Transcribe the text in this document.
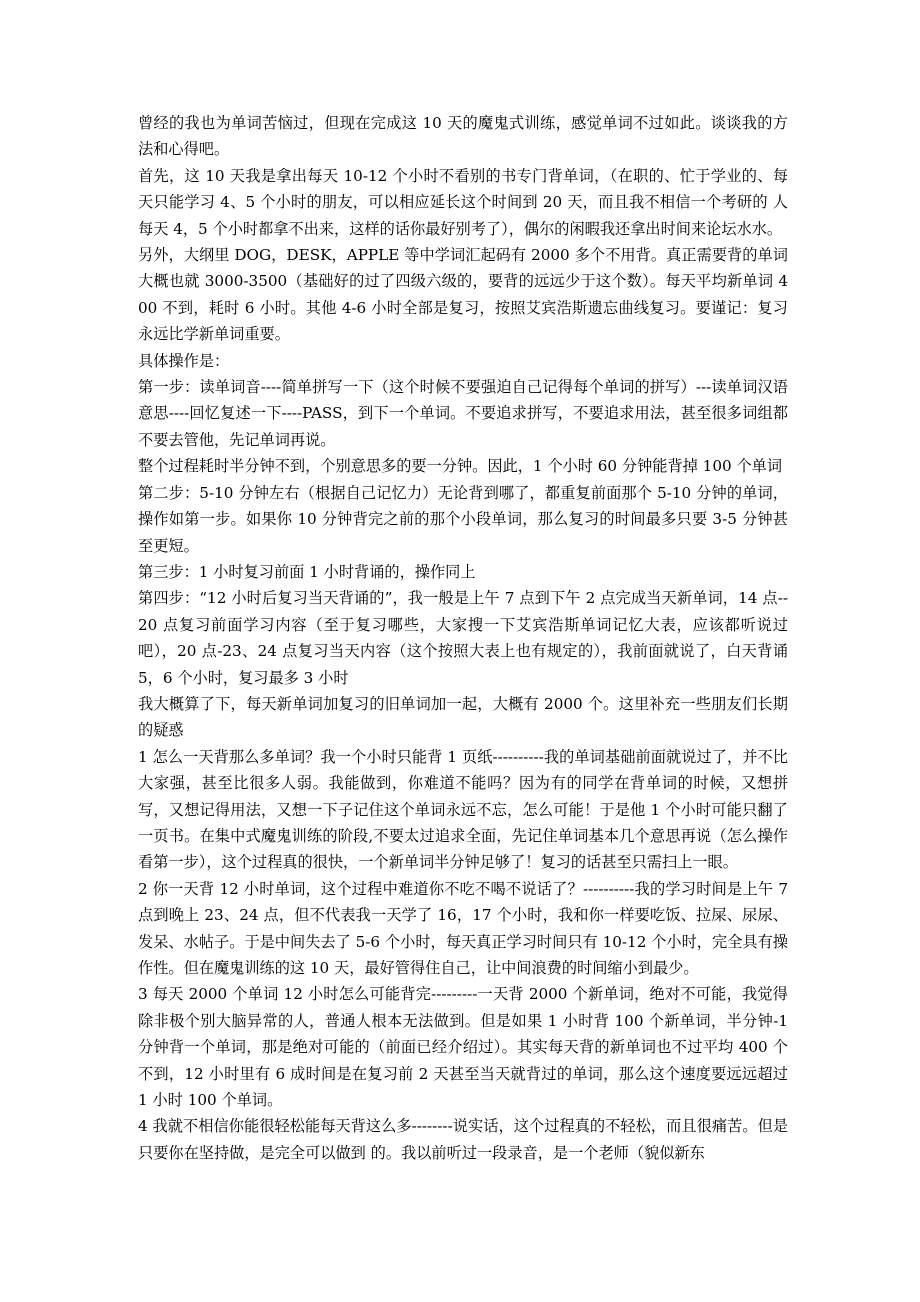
曾经的我也为单词苦恼过，但现在完成这 10 天的魔鬼式训练，感觉单词不过如此。谈谈我的方法和心得吧。

首先，这 10 天我是拿出每天 10-12 个小时不看别的书专门背单词，（在职的、忙于学业的、每天只能学习 4、5 个小时的朋友，可以相应延长这个时间到 20 天，而且我不相信一个考研的 人每天 4，5 个小时都拿不出来，这样的话你最好别考了），偶尔的闲暇我还拿出时间来论坛水水。

另外，大纲里 DOG，DESK，APPLE 等中学词汇起码有 2000 多个不用背。真正需要背的单词大概也就 3000-3500（基础好的过了四级六级的，要背的远远少于这个数）。每天平均新单词 400 不到，耗时 6 小时。其他 4-6 小时全部是复习，按照艾宾浩斯遗忘曲线复习。要谨记：复习永远比学新单词重要。

具体操作是：

第一步：读单词音----简单拼写一下（这个时候不要强迫自己记得每个单词的拼写）---读单词汉语意思----回忆复述一下----PASS，到下一个单词。不要追求拼写，不要追求用法，甚至很多词组都不要去管他，先记单词再说。

整个过程耗时半分钟不到，个别意思多的要一分钟。因此，1 个小时 60 分钟能背掉 100 个单词

第二步：5-10 分钟左右（根据自己记忆力）无论背到哪了，都重复前面那个 5-10 分钟的单词，操作如第一步。如果你 10 分钟背完之前的那个小段单词，那么复习的时间最多只要 3-5 分钟甚至更短。

第三步：1 小时复习前面 1 小时背诵的，操作同上

第四步：“12 小时后复习当天背诵的”，我一般是上午 7 点到下午 2 点完成当天新单词，14 点--20 点复习前面学习内容（至于复习哪些，大家搜一下艾宾浩斯单词记忆大表，应该都听说过吧），20 点-23、24 点复习当天内容（这个按照大表上也有规定的），我前面就说了，白天背诵 5，6 个小时，复习最多 3 小时

我大概算了下，每天新单词加复习的旧单词加一起，大概有 2000 个。这里补充一些朋友们长期的疑惑

1 怎么一天背那么多单词？我一个小时只能背 1 页纸----------我的单词基础前面就说过了，并不比大家强，甚至比很多人弱。我能做到，你难道不能吗？因为有的同学在背单词的时候，又想拼写，又想记得用法，又想一下子记住这个单词永远不忘，怎么可能！于是他 1 个小时可能只翻了一页书。在集中式魔鬼训练的阶段,不要太过追求全面，先记住单词基本几个意思再说（怎么操作看第一步），这个过程真的很快，一个新单词半分钟足够了！复习的话甚至只需扫上一眼。

2 你一天背 12 小时单词，这个过程中难道你不吃不喝不说话了？----------我的学习时间是上午 7 点到晚上 23、24 点，但不代表我一天学了 16，17 个小时，我和你一样要吃饭、拉屎、尿尿、发呆、水帖子。于是中间失去了 5-6 个小时，每天真正学习时间只有 10-12 个小时，完全具有操作性。但在魔鬼训练的这 10 天，最好管得住自己，让中间浪费的时间缩小到最少。

3 每天 2000 个单词 12 小时怎么可能背完---------一天背 2000 个新单词，绝对不可能，我觉得除非极个别大脑异常的人，普通人根本无法做到。但是如果 1 小时背 100 个新单词，半分钟-1 分钟背一个单词，那是绝对可能的（前面已经介绍过）。其实每天背的新单词也不过平均 400 个不到，12 小时里有 6 成时间是在复习前 2 天甚至当天就背过的单词，那么这个速度要远远超过 1 小时 100 个单词。

4 我就不相信你能很轻松能每天背这么多--------说实话，这个过程真的不轻松，而且很痛苦。但是只要你在坚持做，是完全可以做到 的。我以前听过一段录音，是一个老师（貌似新东
